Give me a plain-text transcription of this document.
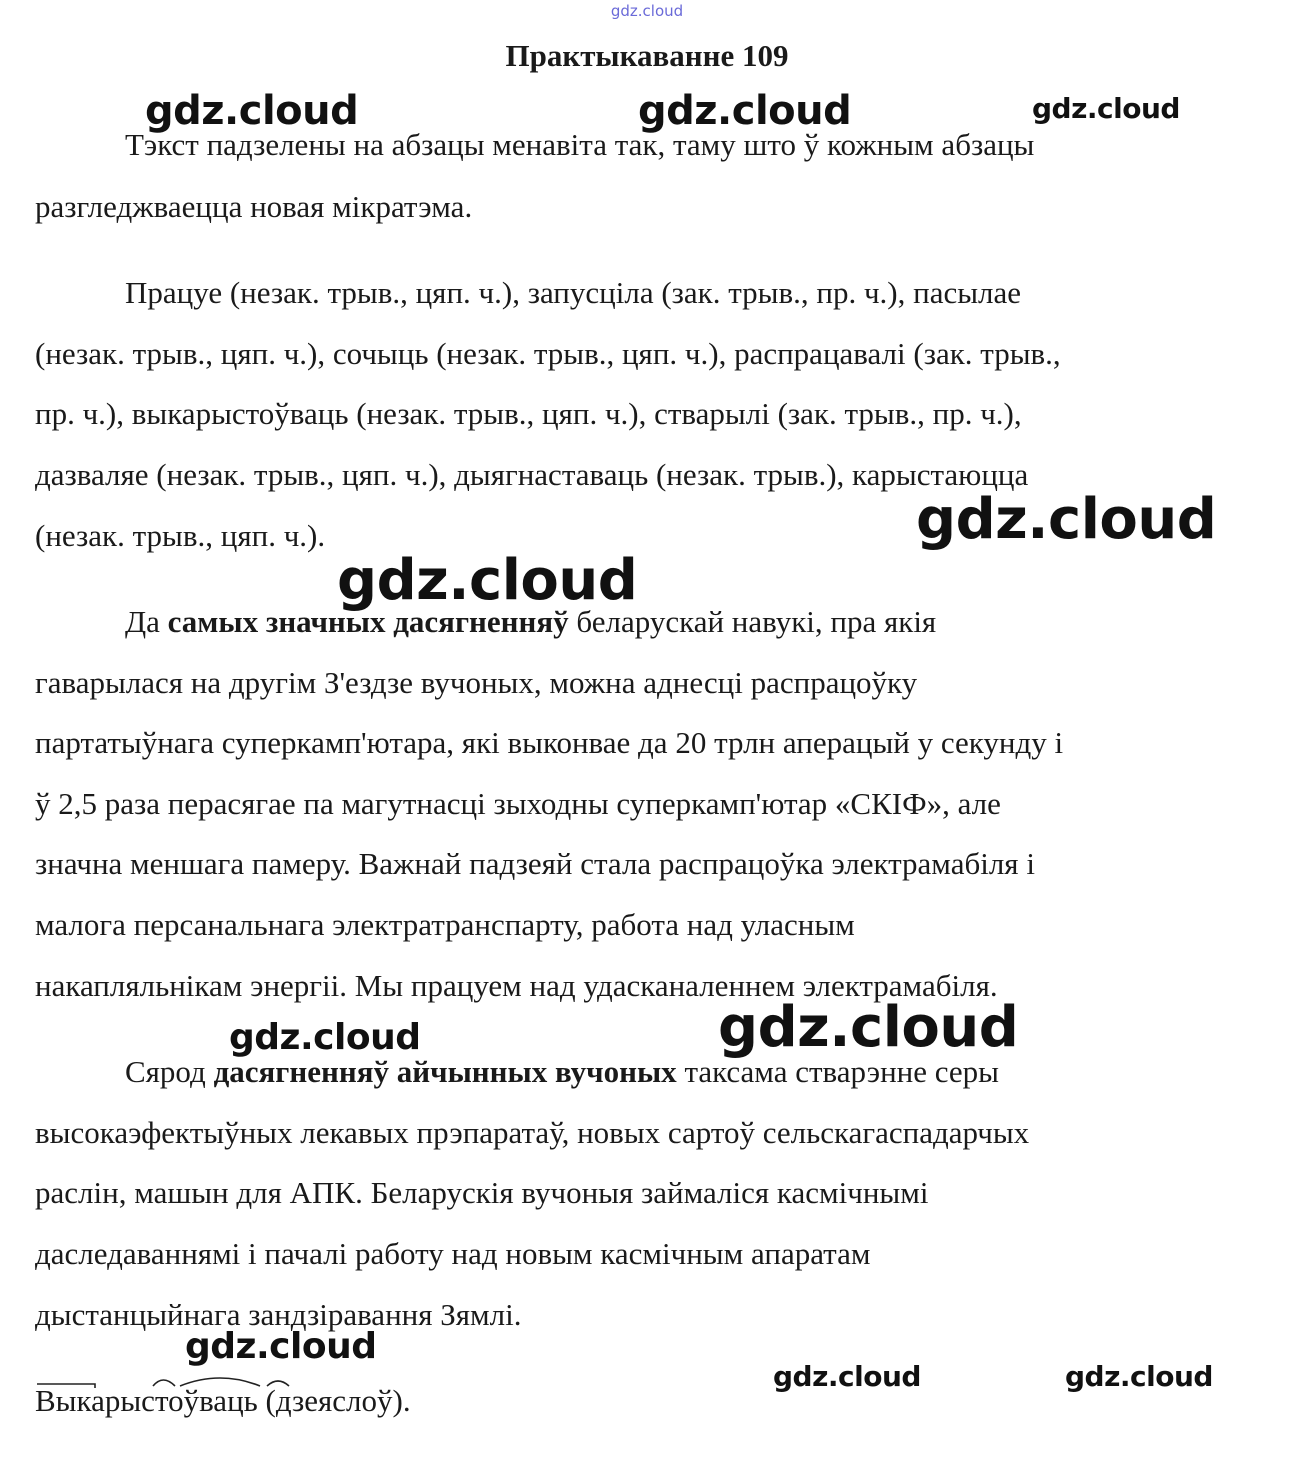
gdz.cloud
Практыкаванне 109
Тэкст падзелены на абзацы менавіта так, таму што ў кожным абзацы
разгледжваецца новая мікратэма.
Працуе (незак. трыв., цяп. ч.), запусціла (зак. трыв., пр. ч.), пасылае
(незак. трыв., цяп. ч.), сочыць (незак. трыв., цяп. ч.), распрацавалі (зак. трыв.,
пр. ч.), выкарыстоўваць (незак. трыв., цяп. ч.), стварылі (зак. трыв., пр. ч.),
дазваляе (незак. трыв., цяп. ч.), дыягнаставаць (незак. трыв.), карыстаюцца
(незак. трыв., цяп. ч.).
Да самых значных дасягненняў беларускай навукі, пра якія
гаварылася на другім З'ездзе вучоных, можна аднесці распрацоўку
партатыўнага суперкамп'ютара, які выконвае да 20 трлн аперацый у секунду і
ў 2,5 раза перасягае па магутнасці зыходны суперкамп'ютар «СКІФ», але
значна меншага памеру. Важнай падзеяй стала распрацоўка электрамабіля і
малога персанальнага электратранспарту, работа над уласным
накапляльнікам энергіі. Мы працуем над удасканаленнем электрамабіля.
Сярод дасягненняў айчынных вучоных таксама стварэнне серы
высокаэфектыўных лекавых прэпаратаў, новых сартоў сельскагаспадарчых
раслін, машын для АПК. Беларускія вучоныя займаліся касмічнымі
даследаваннямі і пачалі работу над новым касмічным апаратам
дыстанцыйнага зандзіравання Зямлі.
Выкарыстоўваць (дзеяслоў).
gdz.cloud	gdz.cloud	gdz.cloud
gdz.cloud
gdz.cloud
gdz.cloud	gdz.cloud
gdz.cloud
gdz.cloud	gdz.cloud
